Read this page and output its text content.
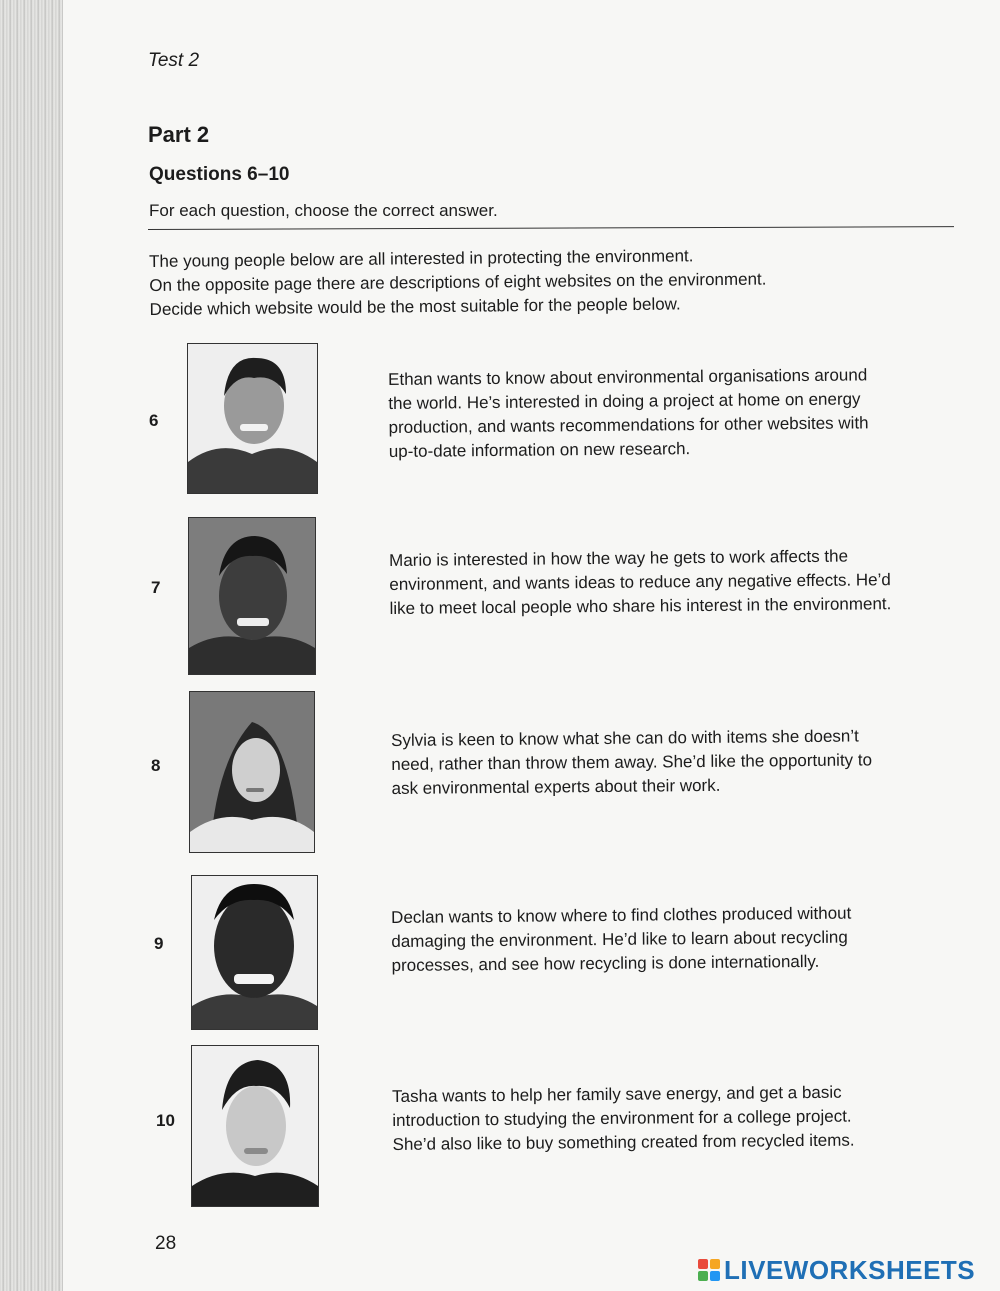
Test 2
Part 2
Questions 6–10
For each question, choose the correct answer.

The young people below are all interested in protecting the environment.

On the opposite page there are descriptions of eight websites on the environment.

Decide which website would be the most suitable for the people below.

6

Ethan wants to know about environmental organisations around

the world. He’s interested in doing a project at home on energy

production, and wants recommendations for other websites with

up-to-date information on new research.

7

Mario is interested in how the way he gets to work affects the

environment, and wants ideas to reduce any negative effects. He’d

like to meet local people who share his interest in the environment.

8

Sylvia is keen to know what she can do with items she doesn’t

need, rather than throw them away. She’d like the opportunity to

ask environmental experts about their work.

9

Declan wants to know where to find clothes produced without

damaging the environment. He’d like to learn about recycling

processes, and see how recycling is done internationally.

10

Tasha wants to help her family save energy, and get a basic

introduction to studying the environment for a college project.

She’d also like to buy something created from recycled items.

28
LIVEWORKSHEETS
